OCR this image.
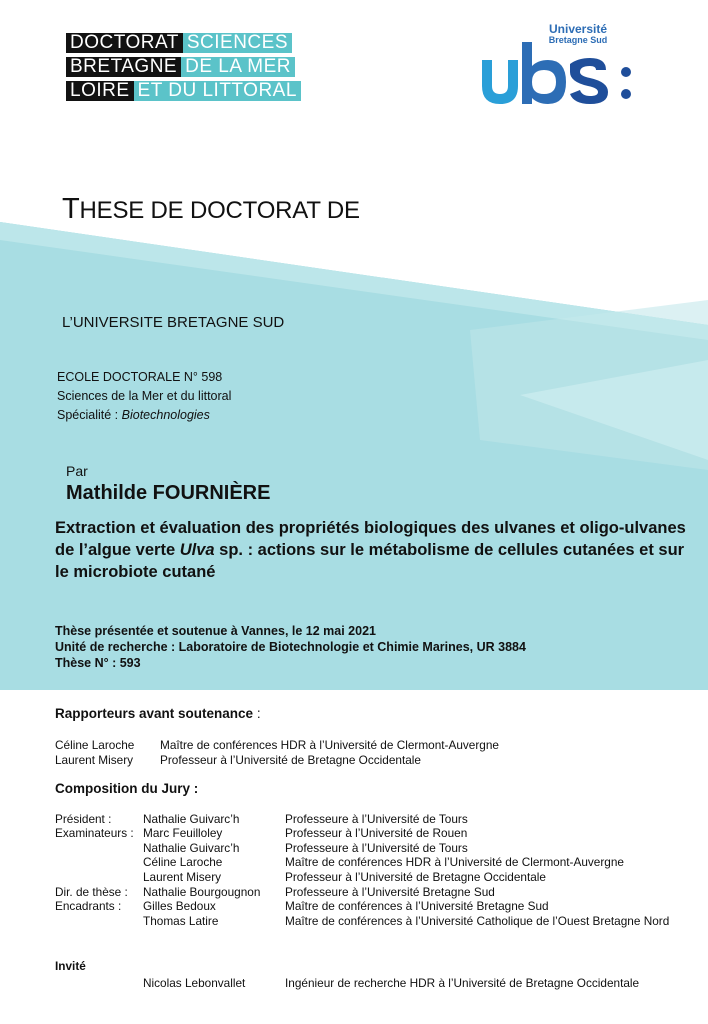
DOCTORAT SCIENCES
BRETAGNE DE LA MER
LOIRE ET DU LITTORAL
Université
Bretagne Sud
THESE DE DOCTORAT DE
L’UNIVERSITE BRETAGNE SUD
ECOLE DOCTORALE N° 598
Sciences de la Mer et du littoral
Spécialité : Biotechnologies
Par
Mathilde FOURNIÈRE
Extraction et évaluation des propriétés biologiques des ulvanes et oligo-ulvanes de l’algue verte Ulva sp. : actions sur le métabolisme de cellules cutanées et sur le microbiote cutané
Thèse présentée et soutenue à Vannes, le 12 mai 2021
Unité de recherche : Laboratoire de Biotechnologie et Chimie Marines, UR 3884
Thèse N° : 593
Rapporteurs avant soutenance :
Céline Laroche Maître de conférences HDR à l’Université de Clermont-Auvergne
Laurent Misery Professeur à l’Université de Bretagne Occidentale
Composition du Jury :
Président :	Nathalie Guivarc’h	Professeure à l’Université de Tours
Examinateurs : Marc Feuilloley	Professeur à l’Université de Rouen
Nathalie Guivarc’h	Professeure à l’Université de Tours
Céline Laroche	Maître de conférences HDR à l’Université de Clermont-Auvergne
Laurent Misery	Professeur à l’Université de Bretagne Occidentale
Dir. de thèse : Nathalie Bourgougnon Professeure à l’Université Bretagne Sud
Encadrants : Gilles Bedoux	Maître de conférences à l’Université Bretagne Sud
Thomas Latire	Maître de conférences à l’Université Catholique de l’Ouest Bretagne Nord
Invité
Nicolas Lebonvallet	Ingénieur de recherche HDR à l’Université de Bretagne Occidentale
